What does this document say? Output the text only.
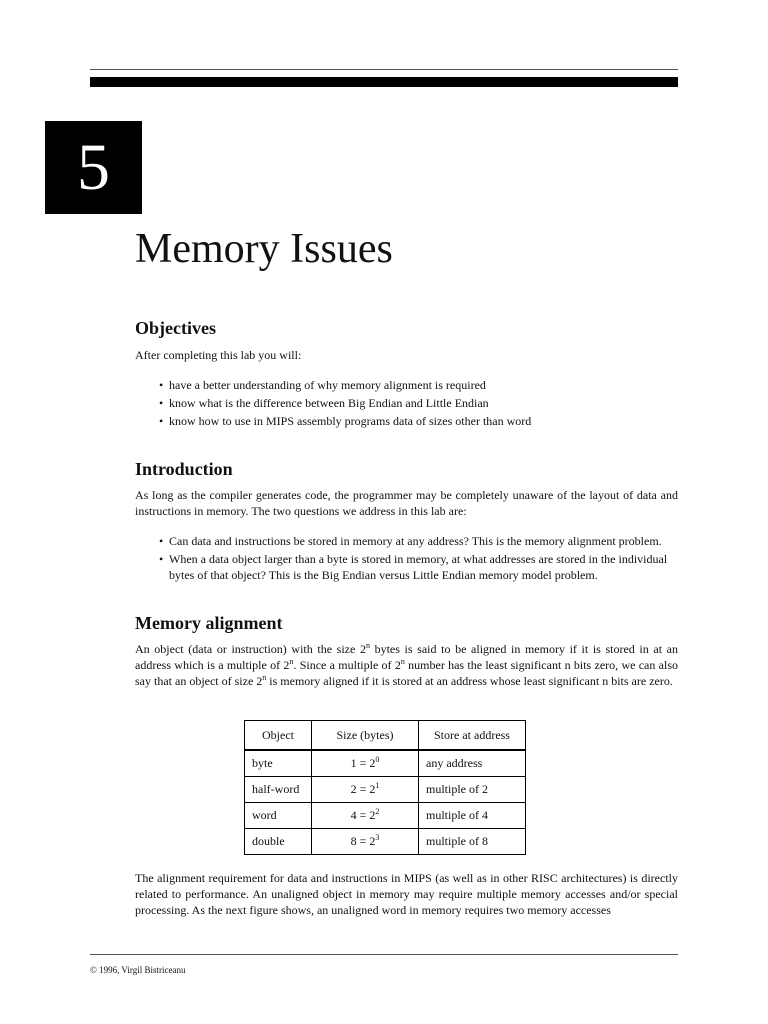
5
Memory Issues
Objectives

After completing this lab you will:

• have a better understanding of why memory alignment is required
• know what is the difference between Big Endian and Little Endian
• know how to use in MIPS assembly programs data of sizes other than word
Introduction

As long as the compiler generates code, the programmer may be completely unaware of the layout of data and instructions in memory. The two questions we address in this lab are:

• Can data and instructions be stored in memory at any address? This is the memory alignment problem.
• When a data object larger than a byte is stored in memory, at what addresses are stored in the individual bytes of that object? This is the Big Endian versus Little Endian memory model problem.
Memory alignment

An object (data or instruction) with the size 2$^n$ bytes is said to be aligned in memory if it is stored in at an address which is a multiple of 2$^n$. Since a multiple of 2$^n$ number has the least significant n bits zero, we can also say that an object of size 2$^n$ is memory aligned if it is stored at an address whose least significant n bits are zero.

Object	Size (bytes)	Store at address
byte	$1 = 2^0$	any address
half-word	$2 = 2^1$	multiple of 2
word	$4 = 2^2$	multiple of 4
double	$8 = 2^3$	multiple of 8

The alignment requirement for data and instructions in MIPS (as well as in other RISC architectures) is directly related to performance. An unaligned object in memory may require multiple memory accesses and/or special processing. As the next figure shows, an unaligned word in memory requires two memory accesses

© 1996, Virgil Bistriceanu
